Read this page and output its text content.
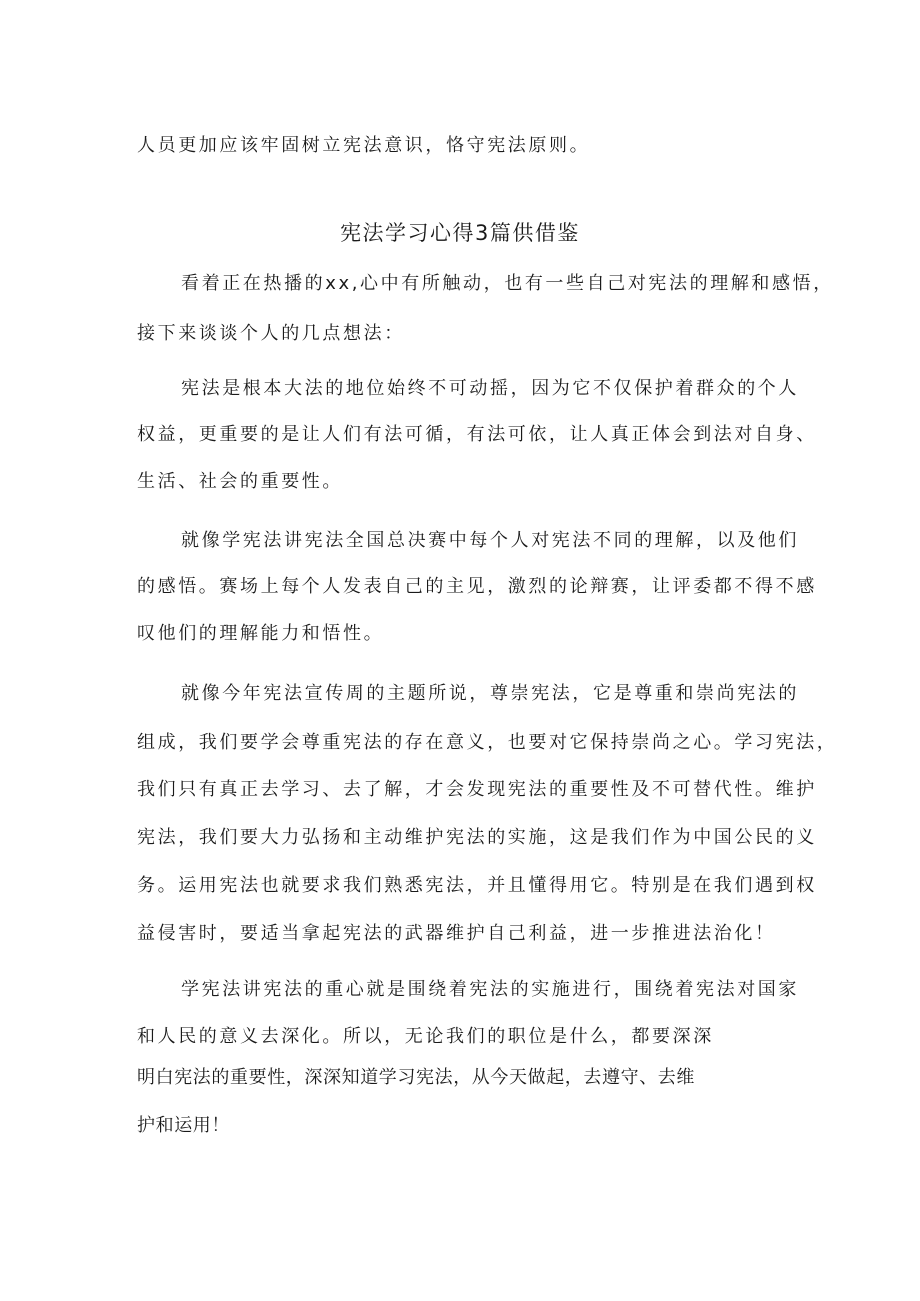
人员更加应该牢固树立宪法意识，恪守宪法原则。
宪法学习心得3篇供借鉴
看着正在热播的xx,心中有所触动，也有一些自己对宪法的理解和感悟，
接下来谈谈个人的几点想法：
宪法是根本大法的地位始终不可动摇，因为它不仅保护着群众的个人
权益，更重要的是让人们有法可循，有法可依，让人真正体会到法对自身、
生活、社会的重要性。
就像学宪法讲宪法全国总决赛中每个人对宪法不同的理解，以及他们
的感悟。赛场上每个人发表自己的主见，激烈的论辩赛，让评委都不得不感
叹他们的理解能力和悟性。
就像今年宪法宣传周的主题所说，尊崇宪法，它是尊重和崇尚宪法的
组成，我们要学会尊重宪法的存在意义，也要对它保持崇尚之心。学习宪法，
我们只有真正去学习、去了解，才会发现宪法的重要性及不可替代性。维护
宪法，我们要大力弘扬和主动维护宪法的实施，这是我们作为中国公民的义
务。运用宪法也就要求我们熟悉宪法，并且懂得用它。特别是在我们遇到权
益侵害时，要适当拿起宪法的武器维护自己利益，进一步推进法治化！
学宪法讲宪法的重心就是围绕着宪法的实施进行，围绕着宪法对国家
和人民的意义去深化。所以，无论我们的职位是什么，都要深深
明白宪法的重要性，深深知道学习宪法，从今天做起，去遵守、去维
护和运用！
